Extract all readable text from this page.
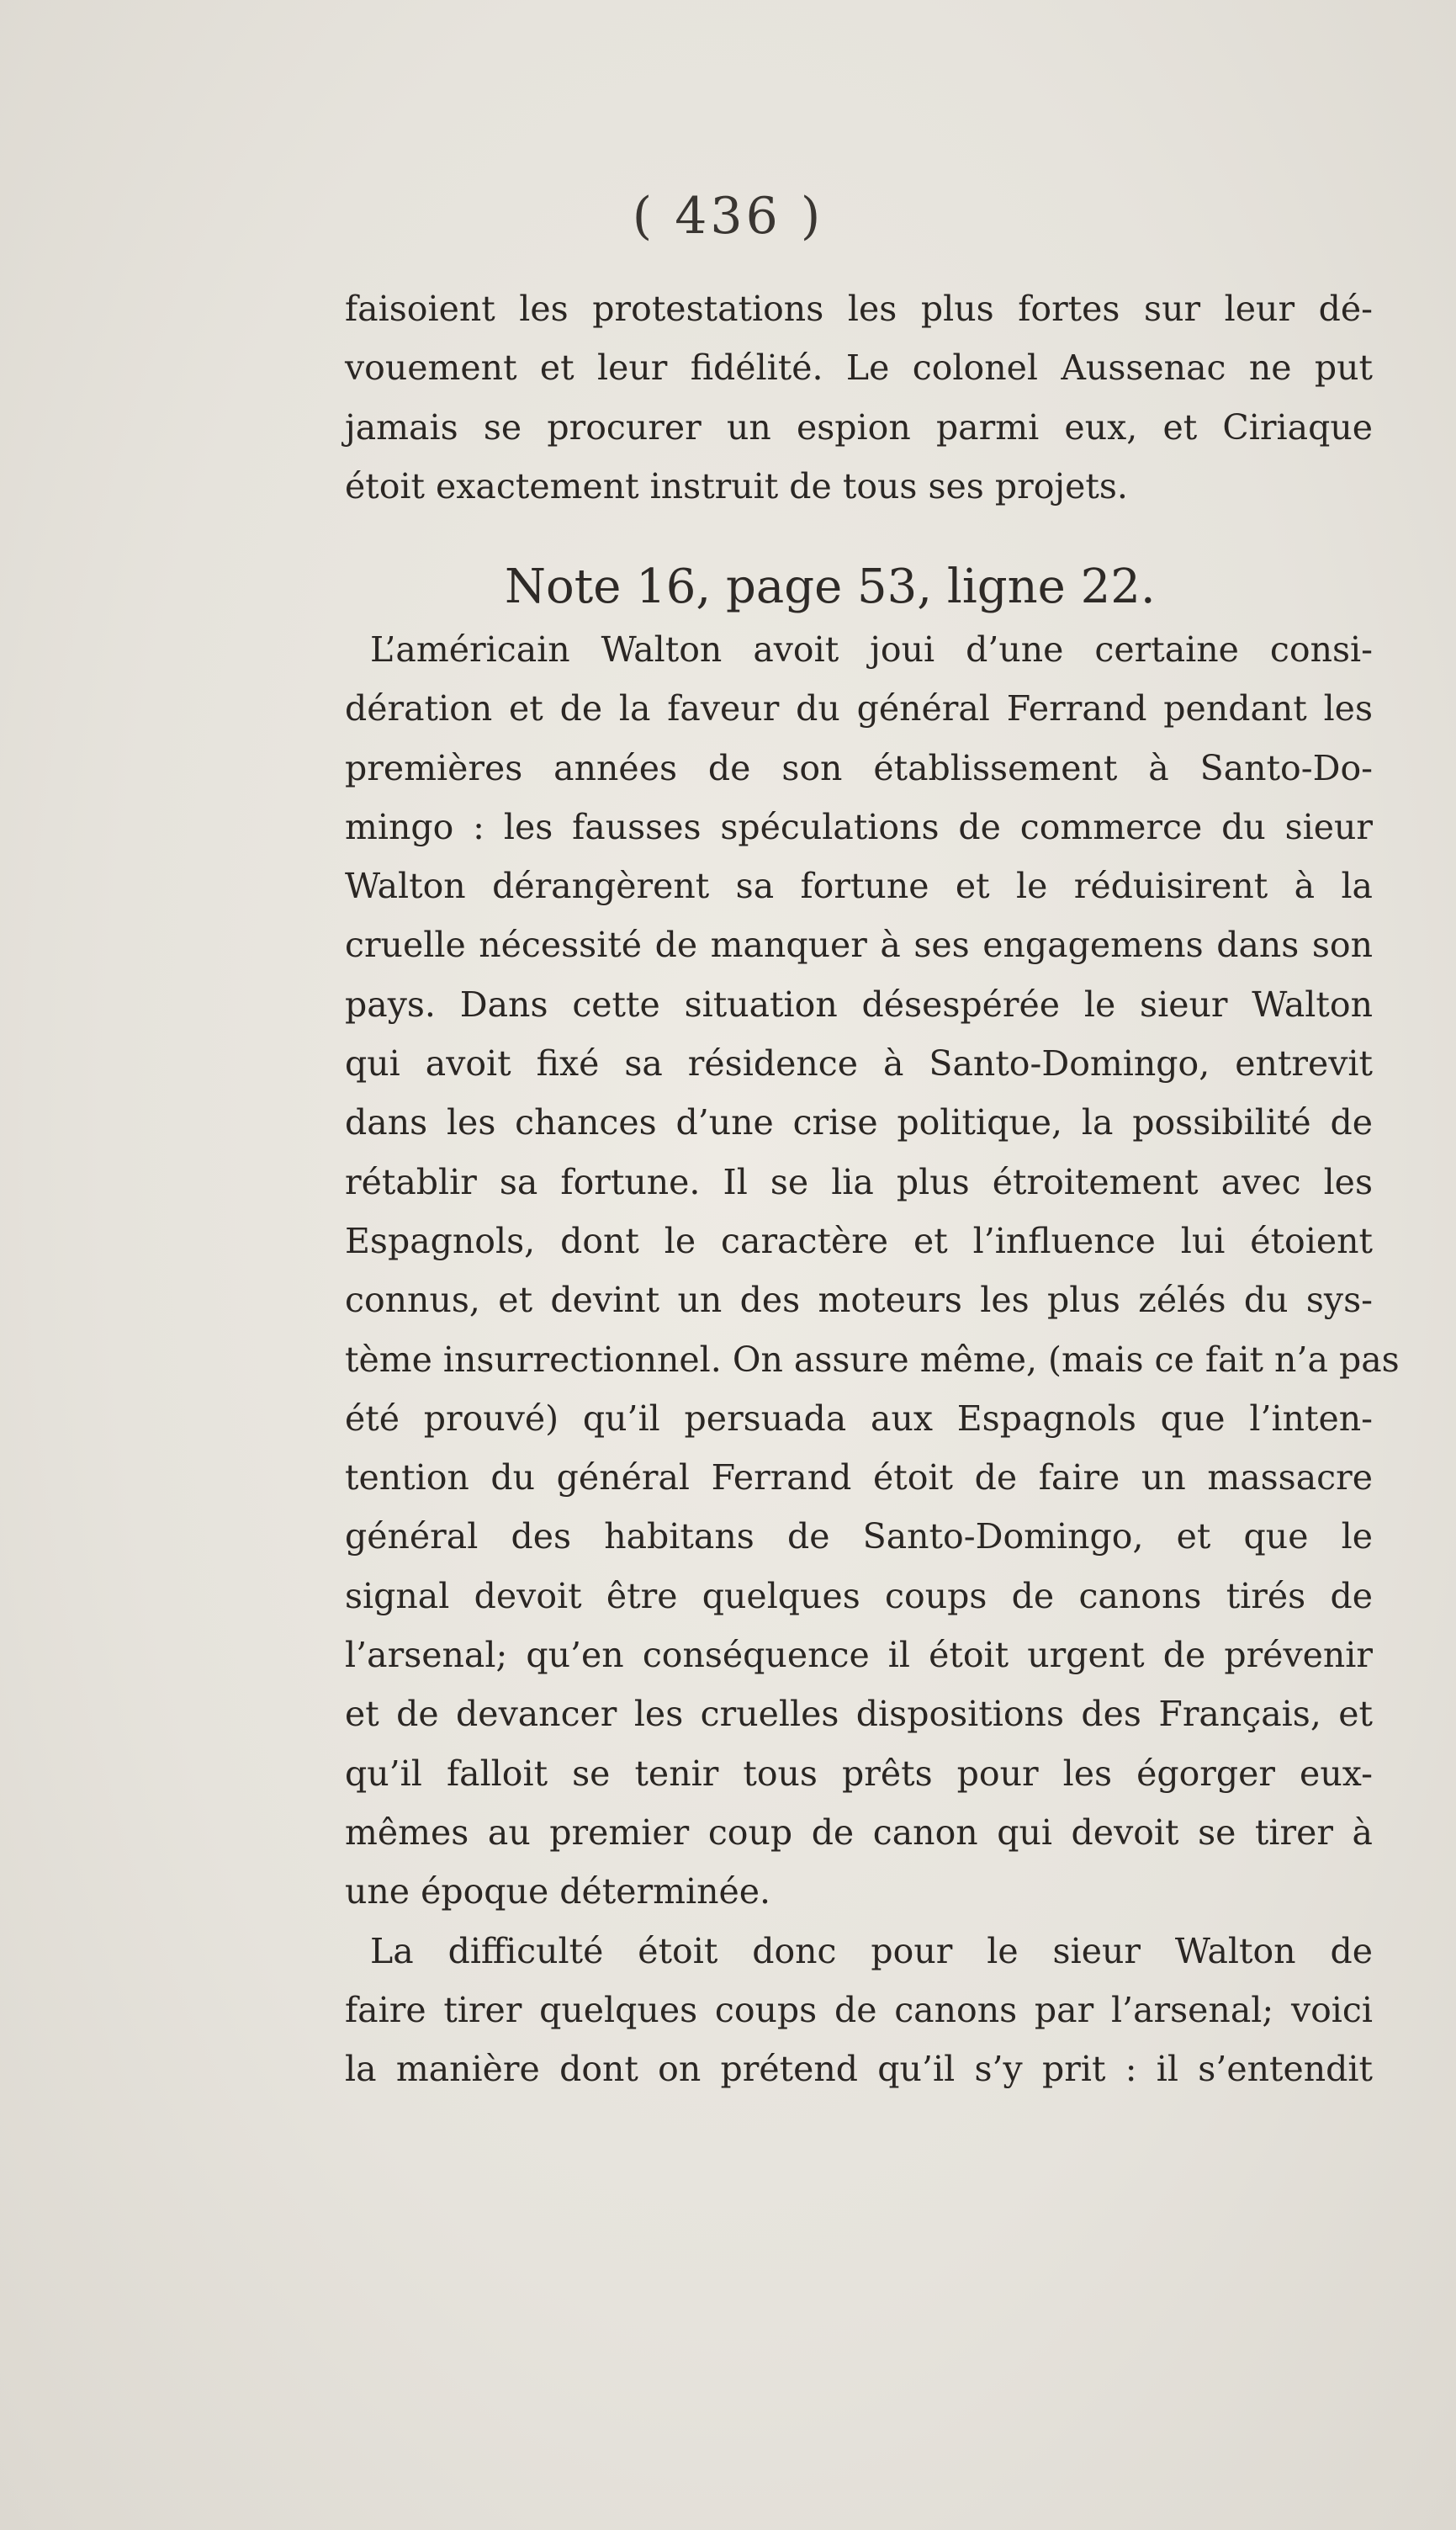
( 436 )
faisoient les protestations les plus fortes sur leur dé-
vouement et leur fidélité. Le colonel Aussenac ne put
jamais se procurer un espion parmi eux, et Ciriaque
étoit exactement instruit de tous ses projets.
Note 16, page 53, ligne 22.
L’américain Walton avoit joui d’une certaine consi-
dération et de la faveur du général Ferrand pendant les
premières années de son établissement à Santo-Do-
mingo : les fausses spéculations de commerce du sieur
Walton dérangèrent sa fortune et le réduisirent à la
cruelle nécessité de manquer à ses engagemens dans son
pays. Dans cette situation désespérée le sieur Walton
qui avoit fixé sa résidence à Santo-Domingo, entrevit
dans les chances d’une crise politique, la possibilité de
rétablir sa fortune. Il se lia plus étroitement avec les
Espagnols, dont le caractère et l’influence lui étoient
connus, et devint un des moteurs les plus zélés du sys-
tème insurrectionnel. On assure même, (mais ce fait n’a pas
été prouvé) qu’il persuada aux Espagnols que l’inten-
tention du général Ferrand étoit de faire un massacre
général des habitans de Santo-Domingo, et que le
signal devoit être quelques coups de canons tirés de
l’arsenal; qu’en conséquence il étoit urgent de prévenir
et de devancer les cruelles dispositions des Français, et
qu’il falloit se tenir tous prêts pour les égorger eux-
mêmes au premier coup de canon qui devoit se tirer à
une époque déterminée.
La difficulté étoit donc pour le sieur Walton de
faire tirer quelques coups de canons par l’arsenal; voici
la manière dont on prétend qu’il s’y prit : il s’entendit
